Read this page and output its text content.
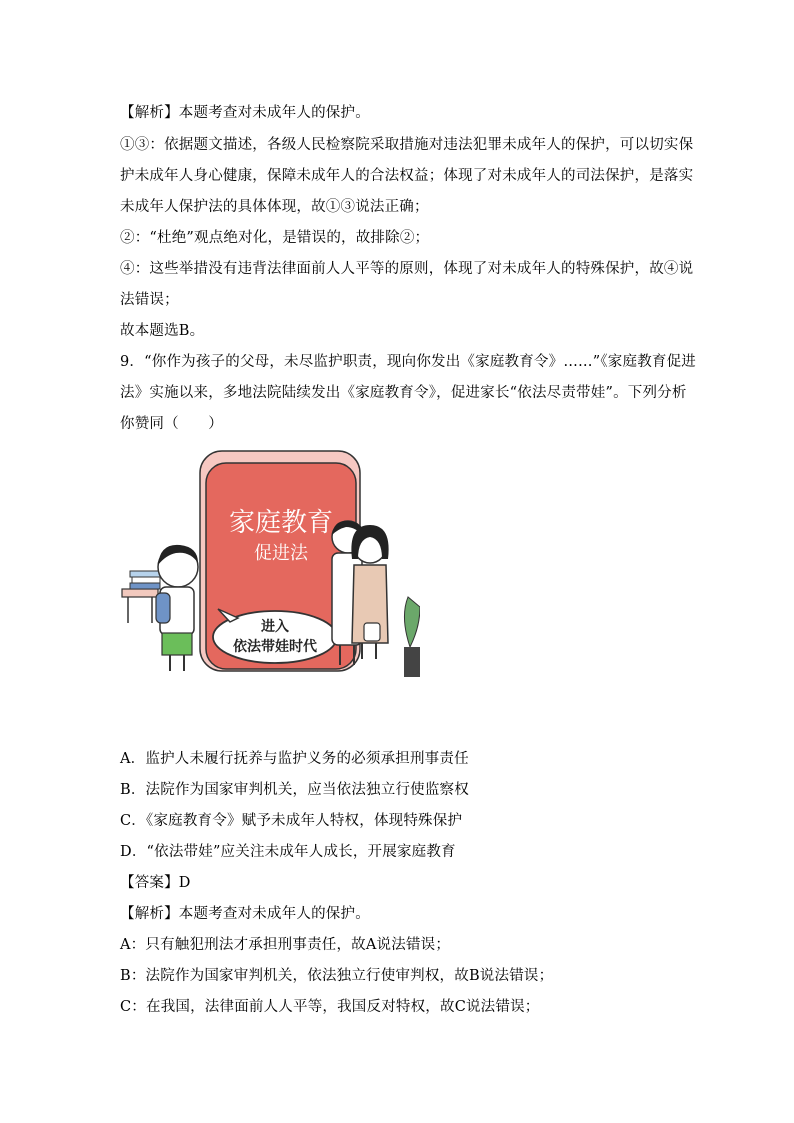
【解析】本题考查对未成年人的保护。
①③：依据题文描述，各级人民检察院采取措施对违法犯罪未成年人的保护，可以切实保
护未成年人身心健康，保障未成年人的合法权益；体现了对未成年人的司法保护，是落实
未成年人保护法的具体体现，故①③说法正确；
②：“杜绝”观点绝对化，是错误的，故排除②；
④：这些举措没有违背法律面前人人平等的原则，体现了对未成年人的特殊保护，故④说
法错误；
故本题选B。
9．“你作为孩子的父母，未尽监护职责，现向你发出《家庭教育令》……”《家庭教育促进
法》实施以来，多地法院陆续发出《家庭教育令》，促进家长“依法尽责带娃”。下列分析
你赞同（　　）
家庭教育
促进法
进入
依法带娃时代
A．监护人未履行抚养与监护义务的必须承担刑事责任
B．法院作为国家审判机关，应当依法独立行使监察权
C．《家庭教育令》赋予未成年人特权，体现特殊保护
D．“依法带娃”应关注未成年人成长，开展家庭教育
【答案】D
【解析】本题考查对未成年人的保护。
A：只有触犯刑法才承担刑事责任，故A说法错误；
B：法院作为国家审判机关，依法独立行使审判权，故B说法错误；
C：在我国，法律面前人人平等，我国反对特权，故C说法错误；
